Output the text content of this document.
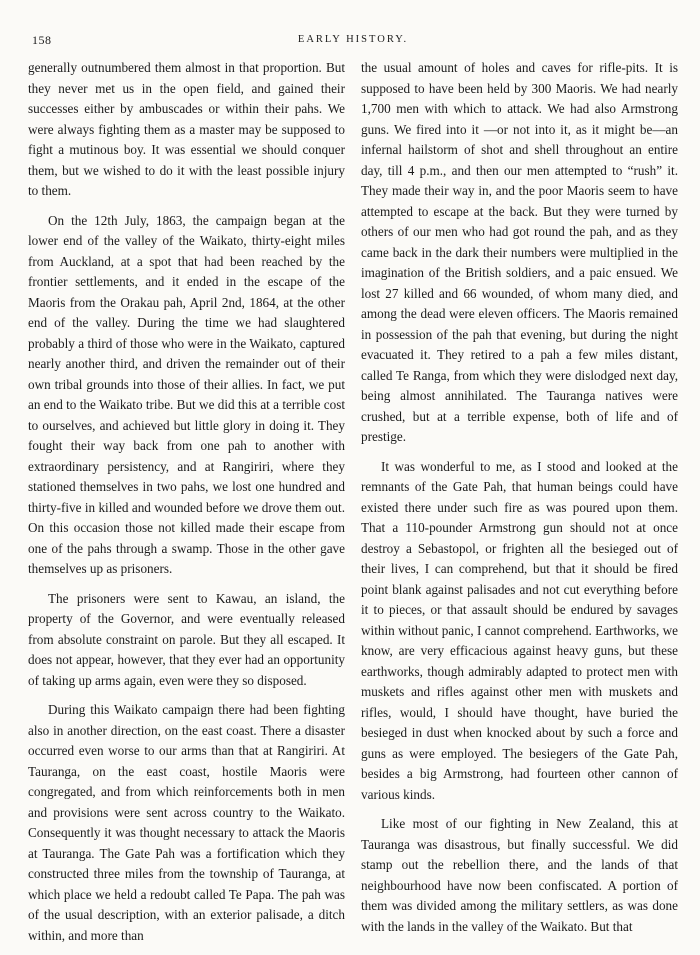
158	EARLY HISTORY.

generally outnumbered them almost in that proportion. But they never met us in the open field, and gained their successes either by ambuscades or within their pahs. We were always fighting them as a master may be supposed to fight a mutinous boy. It was essential we should conquer them, but we wished to do it with the least possible injury to them.

On the 12th July, 1863, the campaign began at the lower end of the valley of the Waikato, thirty-eight miles from Auckland, at a spot that had been reached by the frontier settlements, and it ended in the escape of the Maoris from the Orakau pah, April 2nd, 1864, at the other end of the valley. During the time we had slaughtered probably a third of those who were in the Waikato, captured nearly another third, and driven the remainder out of their own tribal grounds into those of their allies. In fact, we put an end to the Waikato tribe. But we did this at a terrible cost to ourselves, and achieved but little glory in doing it. They fought their way back from one pah to another with extraordinary persistency, and at Rangiriri, where they stationed themselves in two pahs, we lost one hundred and thirty-five in killed and wounded before we drove them out. On this occasion those not killed made their escape from one of the pahs through a swamp. Those in the other gave themselves up as prisoners.

The prisoners were sent to Kawau, an island, the property of the Governor, and were eventually released from absolute constraint on parole. But they all escaped. It does not appear, however, that they ever had an opportunity of taking up arms again, even were they so disposed.

During this Waikato campaign there had been fighting also in another direction, on the east coast. There a disaster occurred even worse to our arms than that at Rangiriri. At Tauranga, on the east coast, hostile Maoris were congregated, and from which reinforcements both in men and provisions were sent across country to the Waikato. Consequently it was thought necessary to attack the Maoris at Tauranga. The Gate Pah was a fortification which they constructed three miles from the township of Tauranga, at which place we held a redoubt called Te Papa. The pah was of the usual description, with an exterior palisade, a ditch within, and more than

the usual amount of holes and caves for rifle-pits. It is supposed to have been held by 300 Maoris. We had nearly 1,700 men with which to attack. We had also Armstrong guns. We fired into it —or not into it, as it might be—an infernal hailstorm of shot and shell throughout an entire day, till 4 p.m., and then our men attempted to “rush” it. They made their way in, and the poor Maoris seem to have attempted to escape at the back. But they were turned by others of our men who had got round the pah, and as they came back in the dark their numbers were multiplied in the imagination of the British soldiers, and a paic ensued. We lost 27 killed and 66 wounded, of whom many died, and among the dead were eleven officers. The Maoris remained in possession of the pah that evening, but during the night evacuated it. They retired to a pah a few miles distant, called Te Ranga, from which they were dislodged next day, being almost annihilated. The Tauranga natives were crushed, but at a terrible expense, both of life and of prestige.

It was wonderful to me, as I stood and looked at the remnants of the Gate Pah, that human beings could have existed there under such fire as was poured upon them. That a 110-pounder Armstrong gun should not at once destroy a Sebastopol, or frighten all the besieged out of their lives, I can comprehend, but that it should be fired point blank against palisades and not cut everything before it to pieces, or that assault should be endured by savages within without panic, I cannot comprehend. Earthworks, we know, are very efficacious against heavy guns, but these earthworks, though admirably adapted to protect men with muskets and rifles against other men with muskets and rifles, would, I should have thought, have buried the besieged in dust when knocked about by such a force and guns as were employed. The besiegers of the Gate Pah, besides a big Armstrong, had fourteen other cannon of various kinds.

Like most of our fighting in New Zealand, this at Tauranga was disastrous, but finally successful. We did stamp out the rebellion there, and the lands of that neighbourhood have now been confiscated. A portion of them was divided among the military settlers, as was done with the lands in the valley of the Waikato. But that
